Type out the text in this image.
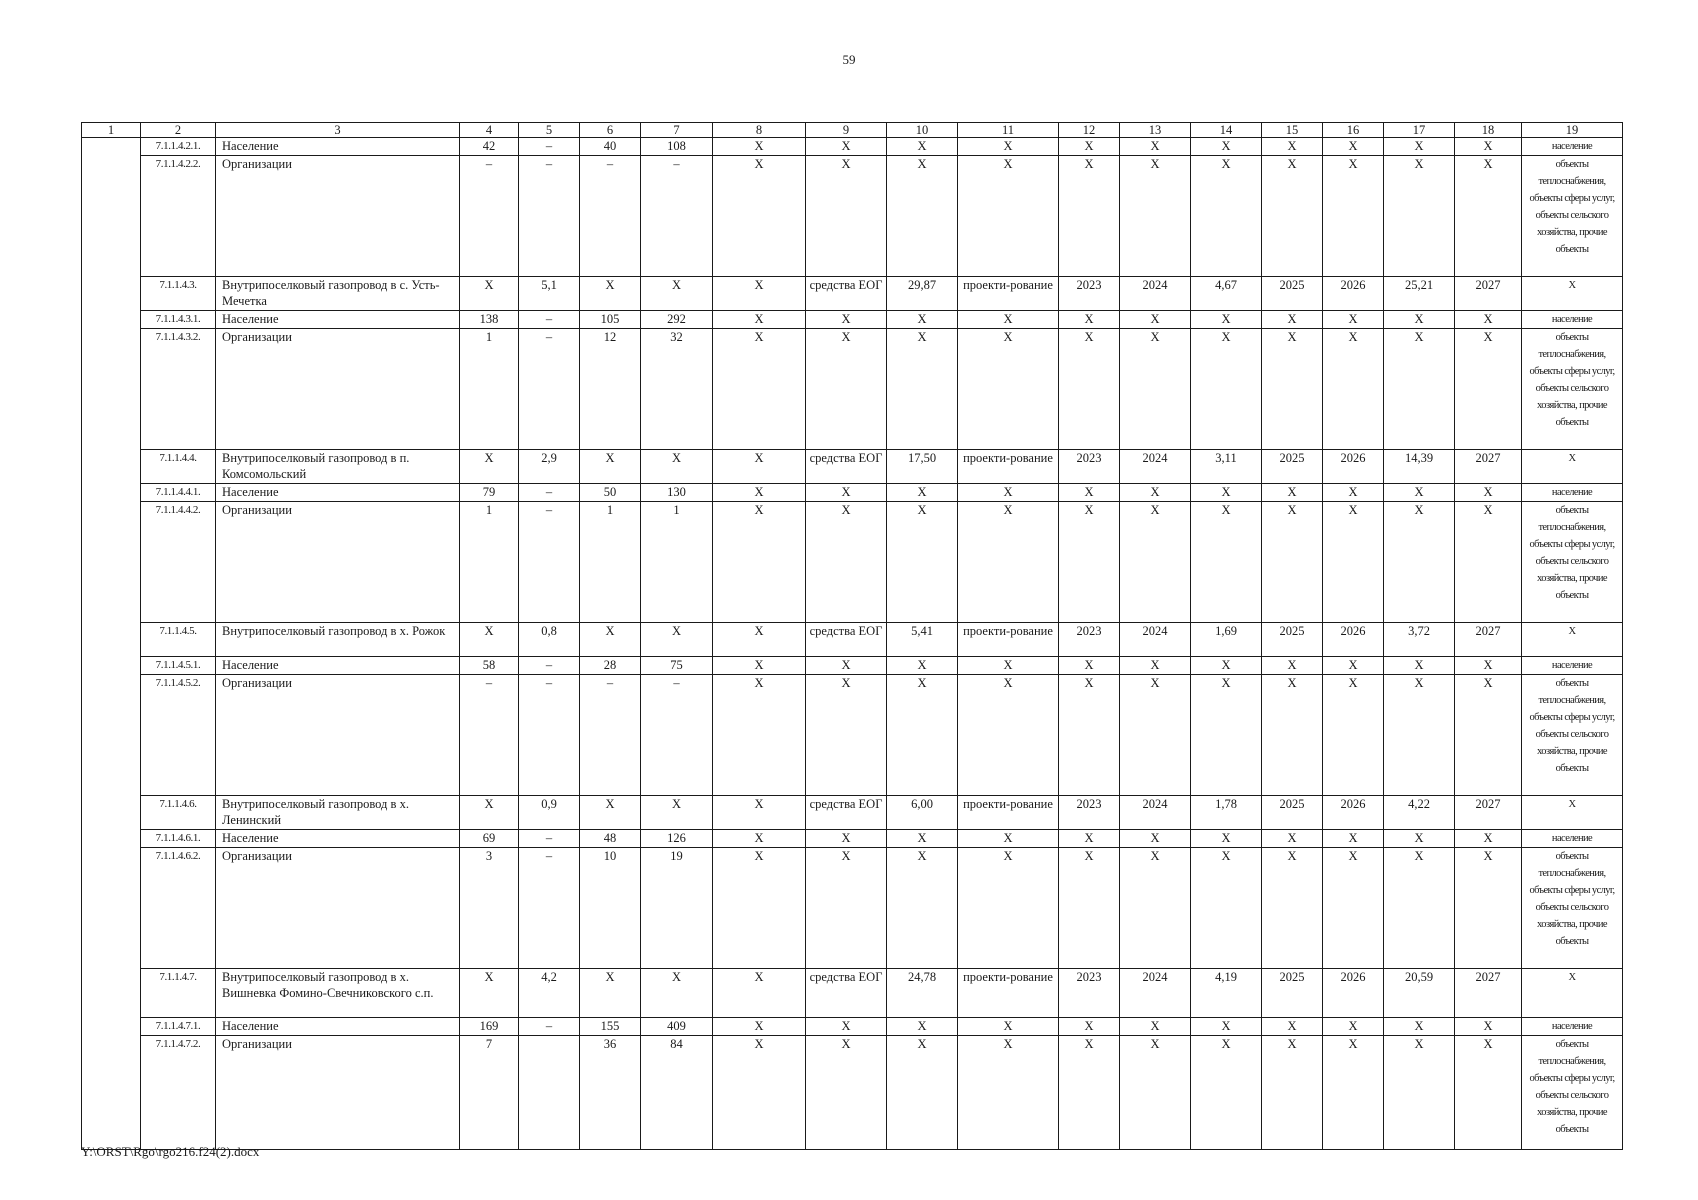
59
1	2	3	4	5	6	7	8	9	10	11	12	13	14	15	16	17	18	19
	7.1.1.4.2.1.	Население	42	–	40	108	Х	Х	Х	Х	Х	Х	Х	Х	Х	Х	Х	население
	7.1.1.4.2.2.	Организации	–	–	–	–	Х	Х	Х	Х	Х	Х	Х	Х	Х	Х	Х	объекты теплоснабжения, объекты сферы услуг, объекты сельского хозяйства, прочие объекты
	7.1.1.4.3.	Внутрипоселковый газопровод в с. Усть-Мечетка	Х	5,1	Х	Х	Х	средства ЕОГ	29,87	проекти-рование	2023	2024	4,67	2025	2026	25,21	2027	Х
	7.1.1.4.3.1.	Население	138	–	105	292	Х	Х	Х	Х	Х	Х	Х	Х	Х	Х	Х	население
	7.1.1.4.3.2.	Организации	1	–	12	32	Х	Х	Х	Х	Х	Х	Х	Х	Х	Х	Х	объекты теплоснабжения, объекты сферы услуг, объекты сельского хозяйства, прочие объекты
	7.1.1.4.4.	Внутрипоселковый газопровод в п. Комсомольский	Х	2,9	Х	Х	Х	средства ЕОГ	17,50	проекти-рование	2023	2024	3,11	2025	2026	14,39	2027	Х
	7.1.1.4.4.1.	Население	79	–	50	130	Х	Х	Х	Х	Х	Х	Х	Х	Х	Х	Х	население
	7.1.1.4.4.2.	Организации	1	–	1	1	Х	Х	Х	Х	Х	Х	Х	Х	Х	Х	Х	объекты теплоснабжения, объекты сферы услуг, объекты сельского хозяйства, прочие объекты
	7.1.1.4.5.	Внутрипоселковый газопровод в х. Рожок	Х	0,8	Х	Х	Х	средства ЕОГ	5,41	проекти-рование	2023	2024	1,69	2025	2026	3,72	2027	Х
	7.1.1.4.5.1.	Население	58	–	28	75	Х	Х	Х	Х	Х	Х	Х	Х	Х	Х	Х	население
	7.1.1.4.5.2.	Организации	–	–	–	–	Х	Х	Х	Х	Х	Х	Х	Х	Х	Х	Х	объекты теплоснабжения, объекты сферы услуг, объекты сельского хозяйства, прочие объекты
	7.1.1.4.6.	Внутрипоселковый газопровод в х. Ленинский	Х	0,9	Х	Х	Х	средства ЕОГ	6,00	проекти-рование	2023	2024	1,78	2025	2026	4,22	2027	Х
	7.1.1.4.6.1.	Население	69	–	48	126	Х	Х	Х	Х	Х	Х	Х	Х	Х	Х	Х	население
	7.1.1.4.6.2.	Организации	3	–	10	19	Х	Х	Х	Х	Х	Х	Х	Х	Х	Х	Х	объекты теплоснабжения, объекты сферы услуг, объекты сельского хозяйства, прочие объекты
	7.1.1.4.7.	Внутрипоселковый газопровод в х. Вишневка Фомино-Свечниковского с.п.	Х	4,2	Х	Х	Х	средства ЕОГ	24,78	проекти-рование	2023	2024	4,19	2025	2026	20,59	2027	Х
	7.1.1.4.7.1.	Население	169	–	155	409	Х	Х	Х	Х	Х	Х	Х	Х	Х	Х	Х	население
	7.1.1.4.7.2.	Организации	7		36	84	Х	Х	Х	Х	Х	Х	Х	Х	Х	Х	Х	объекты теплоснабжения, объекты сферы услуг, объекты сельского хозяйства, прочие объекты
Y:\ORST\Rgo\rgo216.f24(2).docx
